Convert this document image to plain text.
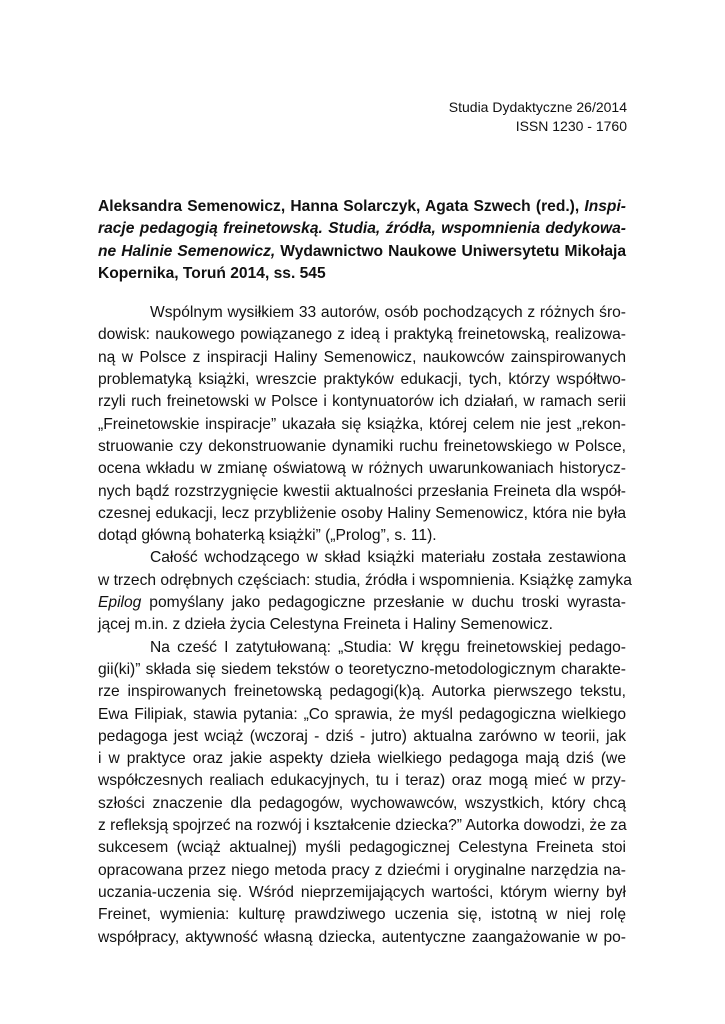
Studia Dydaktyczne 26/2014
ISSN 1230 - 1760
Aleksandra Semenowicz, Hanna Solarczyk, Agata Szwech (red.), Inspi-
racje pedagogią freinetowską. Studia, źródła, wspomnienia dedykowa-
ne Halinie Semenowicz, Wydawnictwo Naukowe Uniwersytetu Mikołaja
Kopernika, Toruń 2014, ss. 545
Wspólnym wysiłkiem 33 autorów, osób pochodzących z różnych śro-
dowisk: naukowego powiązanego z ideą i praktyką freinetowską, realizowa-
ną w Polsce z inspiracji Haliny Semenowicz, naukowców zainspirowanych
problematyką książki, wreszcie praktyków edukacji, tych, którzy współtwo-
rzyli ruch freinetowski w Polsce i kontynuatorów ich działań, w ramach serii
„Freinetowskie inspiracje” ukazała się książka, której celem nie jest „rekon-
struowanie czy dekonstruowanie dynamiki ruchu freinetowskiego w Polsce,
ocena wkładu w zmianę oświatową w różnych uwarunkowaniach historycz-
nych bądź rozstrzygnięcie kwestii aktualności przesłania Freineta dla współ-
czesnej edukacji, lecz przybliżenie osoby Haliny Semenowicz, która nie była
dotąd główną bohaterką książki” („Prolog”, s. 11).
Całość wchodzącego w skład książki materiału została zestawiona
w trzech odrębnych częściach: studia, źródła i wspomnienia. Książkę zamyka
Epilog pomyślany jako pedagogiczne przesłanie w duchu troski wyrasta-
jącej m.in. z dzieła życia Celestyna Freineta i Haliny Semenowicz.
Na cześć I zatytułowaną: „Studia: W kręgu freinetowskiej pedago-
gii(ki)” składa się siedem tekstów o teoretyczno-metodologicznym charakte-
rze inspirowanych freinetowską pedagogi(k)ą. Autorka pierwszego tekstu,
Ewa Filipiak, stawia pytania: „Co sprawia, że myśl pedagogiczna wielkiego
pedagoga jest wciąż (wczoraj - dziś - jutro) aktualna zarówno w teorii, jak
i w praktyce oraz jakie aspekty dzieła wielkiego pedagoga mają dziś (we
współczesnych realiach edukacyjnych, tu i teraz) oraz mogą mieć w przy-
szłości znaczenie dla pedagogów, wychowawców, wszystkich, który chcą
z refleksją spojrzeć na rozwój i kształcenie dziecka?” Autorka dowodzi, że za
sukcesem (wciąż aktualnej) myśli pedagogicznej Celestyna Freineta stoi
opracowana przez niego metoda pracy z dziećmi i oryginalne narzędzia na-
uczania-uczenia się. Wśród nieprzemijających wartości, którym wierny był
Freinet, wymienia: kulturę prawdziwego uczenia się, istotną w niej rolę
współpracy, aktywność własną dziecka, autentyczne zaangażowanie w po-
